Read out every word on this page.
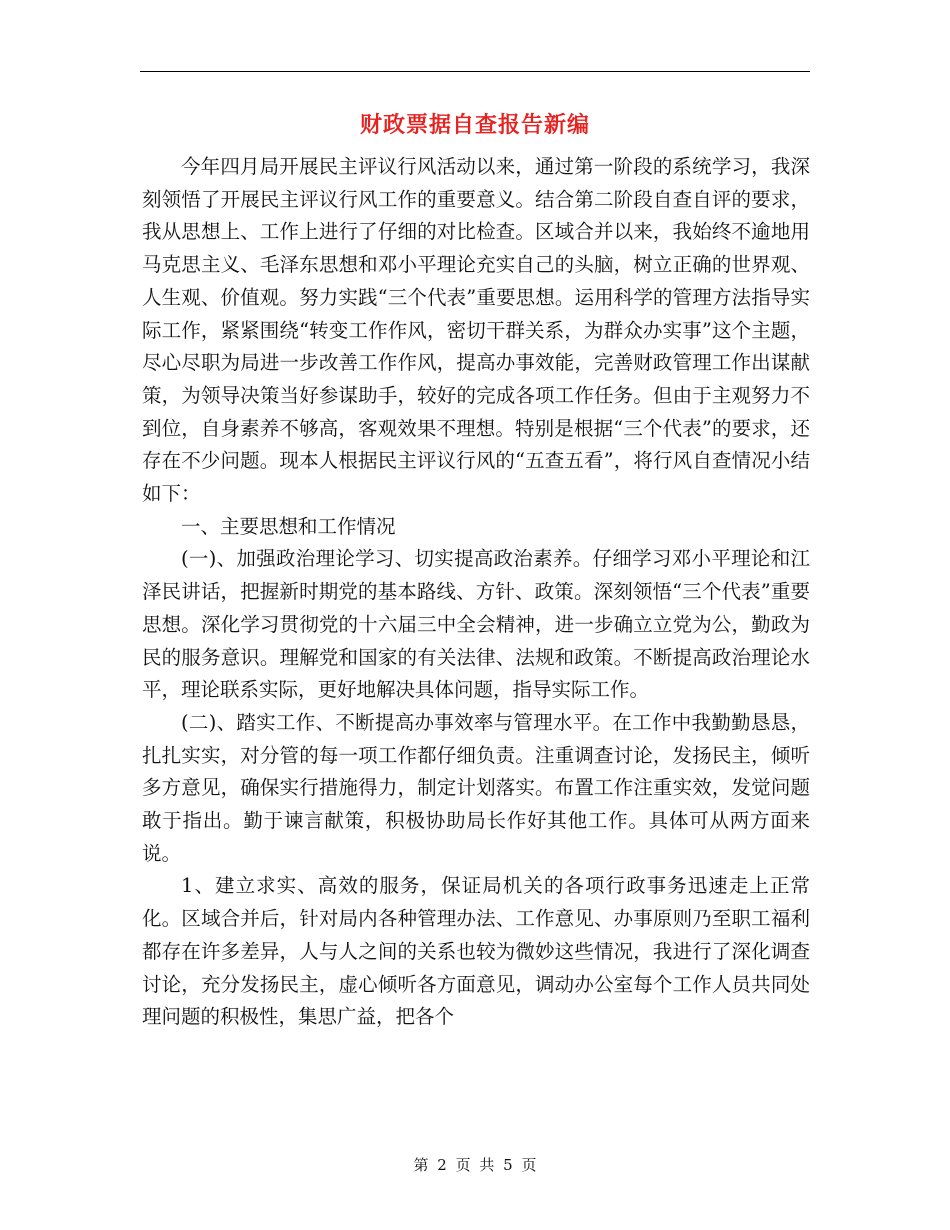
财政票据自查报告新编

今年四月局开展民主评议行风活动以来，通过第一阶段的系统学习，我深刻领悟了开展民主评议行风工作的重要意义。结合第二阶段自查自评的要求，我从思想上、工作上进行了仔细的对比检查。区域合并以来，我始终不逾地用马克思主义、毛泽东思想和邓小平理论充实自己的头脑，树立正确的世界观、人生观、价值观。努力实践“三个代表”重要思想。运用科学的管理方法指导实际工作，紧紧围绕“转变工作作风，密切干群关系，为群众办实事”这个主题，尽心尽职为局进一步改善工作作风，提高办事效能，完善财政管理工作出谋献策，为领导决策当好参谋助手，较好的完成各项工作任务。但由于主观努力不到位，自身素养不够高，客观效果不理想。特别是根据“三个代表”的要求，还存在不少问题。现本人根据民主评议行风的“五查五看”，将行风自查情况小结如下：

一、主要思想和工作情况

(一)、加强政治理论学习、切实提高政治素养。仔细学习邓小平理论和江泽民讲话，把握新时期党的基本路线、方针、政策。深刻领悟“三个代表”重要思想。深化学习贯彻党的十六届三中全会精神，进一步确立立党为公，勤政为民的服务意识。理解党和国家的有关法律、法规和政策。不断提高政治理论水平，理论联系实际，更好地解决具体问题，指导实际工作。

(二)、踏实工作、不断提高办事效率与管理水平。在工作中我勤勤恳恳，扎扎实实，对分管的每一项工作都仔细负责。注重调查讨论，发扬民主，倾听多方意见，确保实行措施得力，制定计划落实。布置工作注重实效，发觉问题敢于指出。勤于谏言献策，积极协助局长作好其他工作。具体可从两方面来说。

1、建立求实、高效的服务，保证局机关的各项行政事务迅速走上正常化。区域合并后，针对局内各种管理办法、工作意见、办事原则乃至职工福利都存在许多差异，人与人之间的关系也较为微妙这些情况，我进行了深化调查讨论，充分发扬民主，虚心倾听各方面意见，调动办公室每个工作人员共同处理问题的积极性，集思广益，把各个

第 2 页 共 5 页
